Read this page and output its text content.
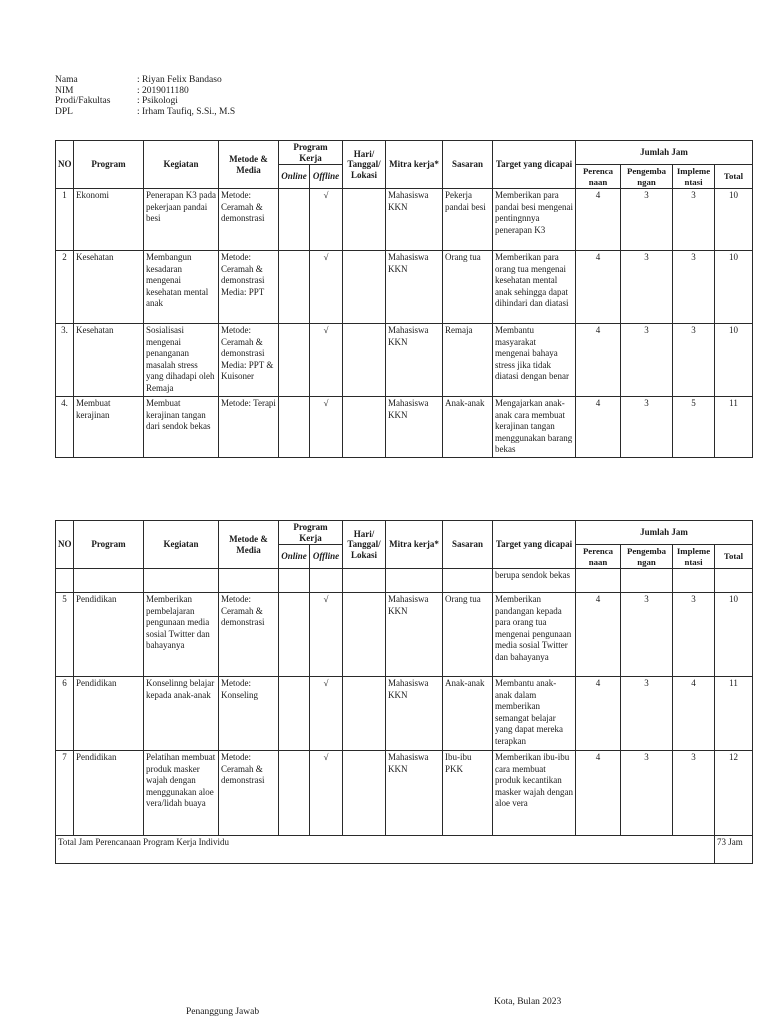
Nama	: Riyan Felix Bandaso
NIM	: 2019011180
Prodi/Fakultas	: Psikologi
DPL	: Irham Taufiq, S.Si., M.S
NO	Program	Kegiatan	Metode & Media	Program Kerja		Hari/ Tanggal/ Lokasi	Mitra kerja*	Sasaran	Target yang dicapai	Jumlah Jam			
				Online	Offline					Perenca naan	Pengemba ngan	Impleme ntasi	Total
1	Ekonomi	Penerapan K3 pada pekerjaan pandai besi	Metode: Ceramah & demonstrasi		√		Mahasiswa KKN	Pekerja pandai besi	Memberikan para pandai besi mengenai pentingnnya penerapan K3	4	3	3	10
2	Kesehatan	Membangun kesadaran mengenai kesehatan mental anak	Metode: Ceramah & demonstrasi Media: PPT		√		Mahasiswa KKN	Orang tua	Memberikan para orang tua mengenai kesehatan mental anak sehingga dapat dihindari dan diatasi	4	3	3	10
3.	Kesehatan	Sosialisasi mengenai penanganan masalah stress yang dihadapi oleh Remaja	Metode: Ceramah & demonstrasi Media: PPT & Kuisoner		√		Mahasiswa KKN	Remaja	Membantu masyarakat mengenai bahaya stress jika tidak diatasi dengan benar	4	3	3	10
4.	Membuat kerajinan	Membuat kerajinan tangan dari sendok bekas	Metode: Terapi		√		Mahasiswa KKN	Anak-anak	Mengajarkan anak-anak cara membuat kerajinan tangan menggunakan barang bekas	4	3	5	11
NO	Program	Kegiatan	Metode & Media	Program Kerja		Hari/ Tanggal/ Lokasi	Mitra kerja*	Sasaran	Target yang dicapai	Jumlah Jam			
				Online	Offline					Perenca naan	Pengemba ngan	Impleme ntasi	Total
									berupa sendok bekas				
5	Pendidikan	Memberikan pembelajaran pengunaan media sosial Twitter dan bahayanya	Metode: Ceramah & demonstrasi		√		Mahasiswa KKN	Orang tua	Memberikan pandangan kepada para orang tua mengenai pengunaan media sosial Twitter dan bahayanya	4	3	3	10
6	Pendidikan	Konselinng belajar kepada anak-anak	Metode: Konseling		√		Mahasiswa KKN	Anak-anak	Membantu anak-anak dalam memberikan semangat belajar yang dapat mereka terapkan	4	3	4	11
7	Pendidikan	Pelatihan membuat produk masker wajah dengan menggunakan aloe vera/lidah buaya	Metode: Ceramah & demonstrasi		√		Mahasiswa KKN	Ibu-ibu PKK	Memberikan ibu-ibu cara membuat produk kecantikan masker wajah dengan aloe vera	4	3	3	12
Total Jam Perencanaan Program Kerja Individu													73 Jam
Kota, Bulan 2023
Penanggung Jawab
